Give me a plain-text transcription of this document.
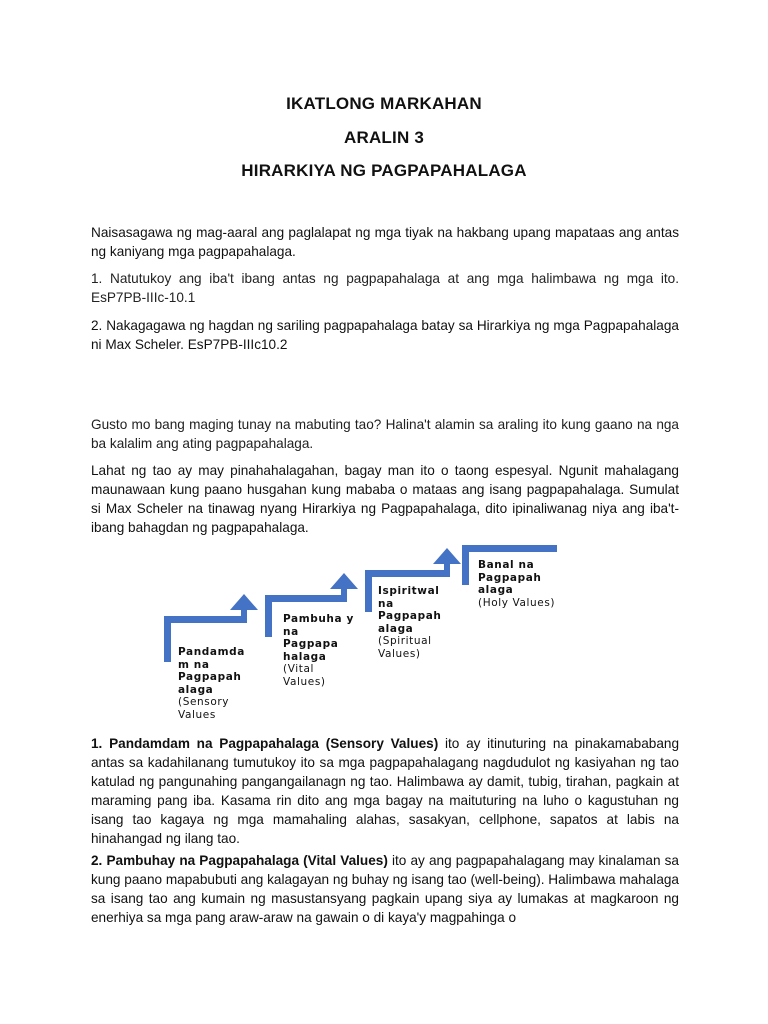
IKATLONG MARKAHAN
ARALIN 3
HIRARKIYA NG PAGPAPAHALAGA

Naisasagawa ng mag-aaral ang paglalapat ng mga tiyak na hakbang upang mapataas ang antas ng kaniyang mga pagpapahalaga.

1. Natutukoy ang iba't ibang antas ng pagpapahalaga at ang mga halimbawa ng mga ito. EsP7PB-IIIc-10.1

2. Nakagagawa ng hagdan ng sariling pagpapahalaga batay sa Hirarkiya ng mga Pagpapahalaga ni Max Scheler. EsP7PB-IIIc10.2

Gusto mo bang maging tunay na mabuting tao? Halina't alamin sa araling ito kung gaano na nga ba kalalim ang ating pagpapahalaga.

Lahat ng tao ay may pinahahalagahan, bagay man ito o taong espesyal. Ngunit mahalagang maunawaan kung paano husgahan kung mababa o mataas ang isang pagpapahalaga. Sumulat si Max Scheler na tinawag nyang Hirarkiya ng Pagpapahalaga, dito ipinaliwanag niya ang iba't-ibang bahagdan ng pagpapahalaga.

Pandamda m na Pagpapah alaga
(Sensory Values
Pambuha y na Pagpapa halaga
(Vital Values)
Ispiritwal na Pagpapah alaga
(Spiritual Values)
Banal na Pagpapah alaga
(Holy Values)

1. Pandamdam na Pagpapahalaga (Sensory Values) ito ay itinuturing na pinakamababang antas sa kadahilanang tumutukoy ito sa mga pagpapahalagang nagdudulot ng kasiyahan ng tao katulad ng pangunahing pangangailanagn ng tao. Halimbawa ay damit, tubig, tirahan, pagkain at maraming pang iba. Kasama rin dito ang mga bagay na maituturing na luho o kagustuhan ng isang tao kagaya ng mga mamahaling alahas, sasakyan, cellphone, sapatos at labis na hinahangad ng ilang tao.

2. Pambuhay na Pagpapahalaga (Vital Values) ito ay ang pagpapahalagang may kinalaman sa kung paano mapabubuti ang kalagayan ng buhay ng isang tao (well-being). Halimbawa mahalaga sa isang tao ang kumain ng masustansyang pagkain upang siya ay lumakas at magkaroon ng enerhiya sa mga pang araw-araw na gawain o di kaya'y magpahinga o
